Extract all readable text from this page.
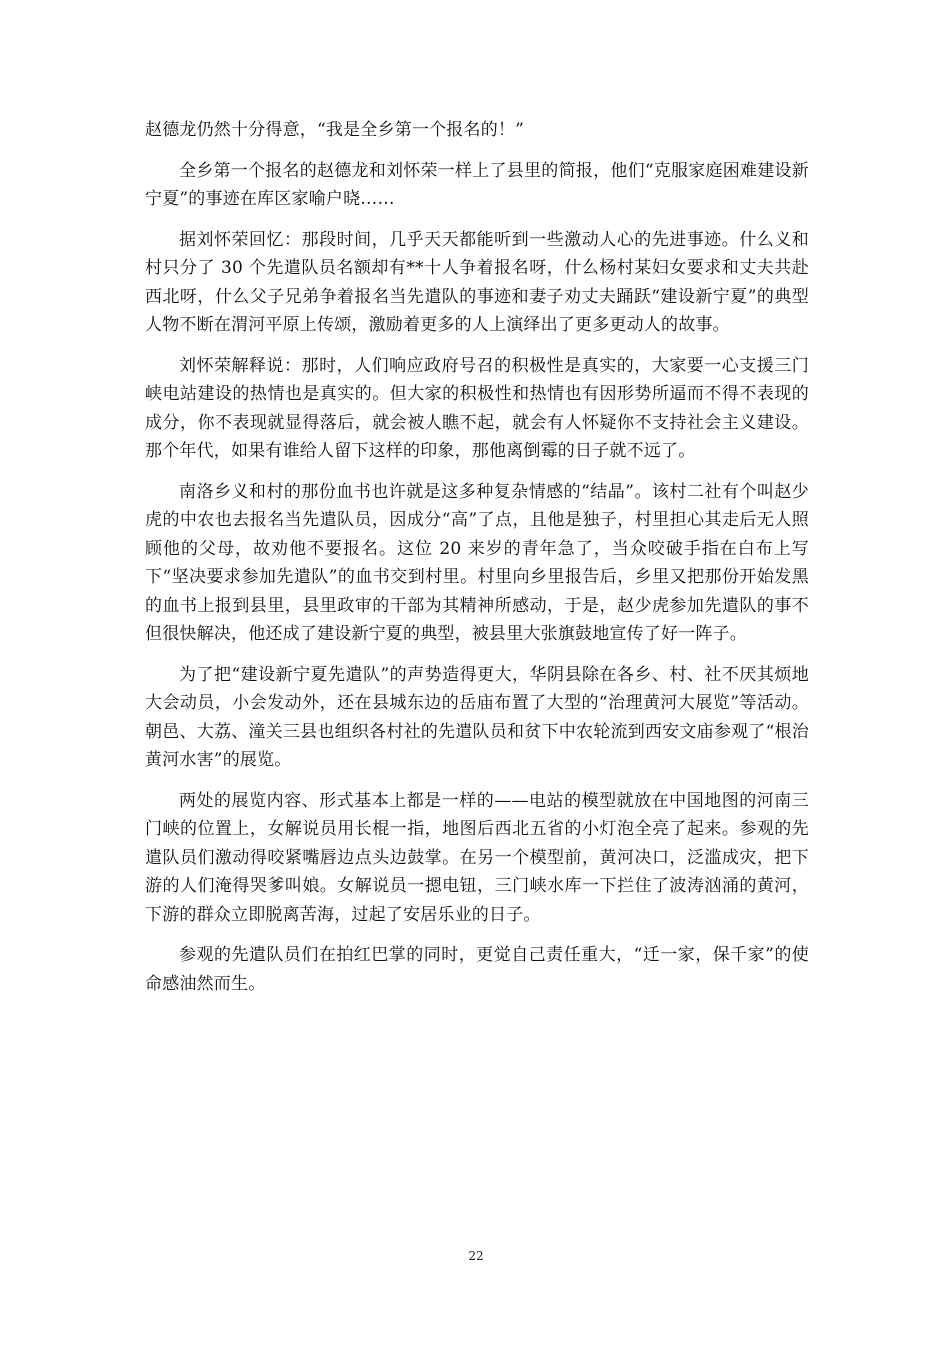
赵德龙仍然十分得意，“我是全乡第一个报名的！”

全乡第一个报名的赵德龙和刘怀荣一样上了县里的简报，他们“克服家庭困难建设新宁夏”的事迹在库区家喻户晓……

据刘怀荣回忆：那段时间，几乎天天都能听到一些激动人心的先进事迹。什么义和村只分了 30 个先遣队员名额却有**十人争着报名呀，什么杨村某妇女要求和丈夫共赴西北呀，什么父子兄弟争着报名当先遣队的事迹和妻子劝丈夫踊跃“建设新宁夏”的典型人物不断在渭河平原上传颂，激励着更多的人上演绎出了更多更动人的故事。

刘怀荣解释说：那时，人们响应政府号召的积极性是真实的，大家要一心支援三门峡电站建设的热情也是真实的。但大家的积极性和热情也有因形势所逼而不得不表现的成分，你不表现就显得落后，就会被人瞧不起，就会有人怀疑你不支持社会主义建设。那个年代，如果有谁给人留下这样的印象，那他离倒霉的日子就不远了。

南洛乡义和村的那份血书也许就是这多种复杂情感的“结晶”。该村二社有个叫赵少虎的中农也去报名当先遣队员，因成分“高”了点，且他是独子，村里担心其走后无人照顾他的父母，故劝他不要报名。这位 20 来岁的青年急了，当众咬破手指在白布上写下“坚决要求参加先遣队”的血书交到村里。村里向乡里报告后，乡里又把那份开始发黑的血书上报到县里，县里政审的干部为其精神所感动，于是，赵少虎参加先遣队的事不但很快解决，他还成了建设新宁夏的典型，被县里大张旗鼓地宣传了好一阵子。

为了把“建设新宁夏先遣队”的声势造得更大，华阴县除在各乡、村、社不厌其烦地大会动员，小会发动外，还在县城东边的岳庙布置了大型的“治理黄河大展览”等活动。朝邑、大荔、潼关三县也组织各村社的先遣队员和贫下中农轮流到西安文庙参观了“根治黄河水害”的展览。

两处的展览内容、形式基本上都是一样的——电站的模型就放在中国地图的河南三门峡的位置上，女解说员用长棍一指，地图后西北五省的小灯泡全亮了起来。参观的先遣队员们激动得咬紧嘴唇边点头边鼓掌。在另一个模型前，黄河决口，泛滥成灾，把下游的人们淹得哭爹叫娘。女解说员一摁电钮，三门峡水库一下拦住了波涛汹涌的黄河，下游的群众立即脱离苦海，过起了安居乐业的日子。

参观的先遣队员们在拍红巴掌的同时，更觉自己责任重大，“迁一家，保千家”的使命感油然而生。

22
